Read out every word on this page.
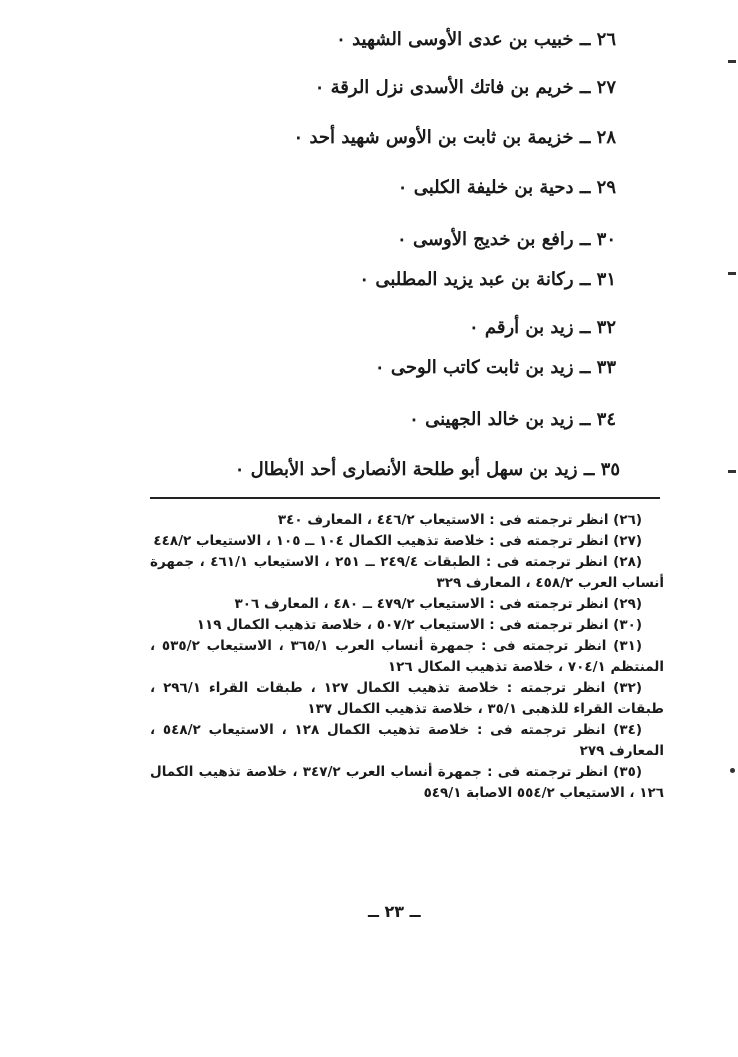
٢٦ ــ خبيب بن عدى الأوسى الشهيد ٠
٢٧ ــ خريم بن فاتك الأسدى نزل الرقة ٠
٢٨ ــ خزيمة بن ثابت بن الأوس شهيد أحد ٠
٢٩ ــ دحية بن خليفة الكلبى ٠
٣٠ ــ رافع بن خديج الأوسى ٠
٣١ ــ ركانة بن عبد يزيد المطلبى ٠
٣٢ ــ زيد بن أرقم ٠
٣٣ ــ زيد بن ثابت كاتب الوحى ٠
٣٤ ــ زيد بن خالد الجهينى ٠
٣٥ ــ زيد بن سهل أبو طلحة الأنصارى أحد الأبطال ٠

(٢٦) انظر ترجمته فى : الاستيعاب ٤٤٦/٢ ، المعارف ٣٤٠

(٢٧) انظر ترجمته فى : خلاصة تذهيب الكمال ١٠٤ ــ ١٠٥ ، الاستيعاب ٤٤٨/٢

(٢٨) انظر ترجمته فى : الطبقات ٢٤٩/٤ ــ ٢٥١ ، الاستيعاب ٤٦١/١ ، جمهرة أنساب العرب ٤٥٨/٢ ، المعارف ٣٢٩

(٢٩) انظر ترجمته فى : الاستيعاب ٤٧٩/٢ ــ ٤٨٠ ، المعارف ٣٠٦

(٣٠) انظر ترجمته فى : الاستيعاب ٥٠٧/٢ ، خلاصة تذهيب الكمال ١١٩

(٣١) انظر ترجمته فى : جمهرة أنساب العرب ٣٦٥/١ ، الاستيعاب ٥٣٥/٢ ، المنتظم ٧٠٤/١ ، خلاصة تذهيب المكال ١٢٦

(٣٢) انظر ترجمته : خلاصة تذهيب الكمال ١٢٧ ، طبقات القراء ٢٩٦/١ ، طبقات القراء للذهبى ٣٥/١ ، خلاصة تذهيب الكمال ١٣٧

(٣٤) انظر ترجمته فى : خلاصة تذهيب الكمال ١٢٨ ، الاستيعاب ٥٤٨/٢ ، المعارف ٢٧٩

(٣٥) انظر ترجمته فى : جمهرة أنساب العرب ٣٤٧/٢ ، خلاصة تذهيب الكمال ١٢٦ ، الاستيعاب ٥٥٤/٢ الاصابة ٥٤٩/١

ــ ٢٣ ــ
